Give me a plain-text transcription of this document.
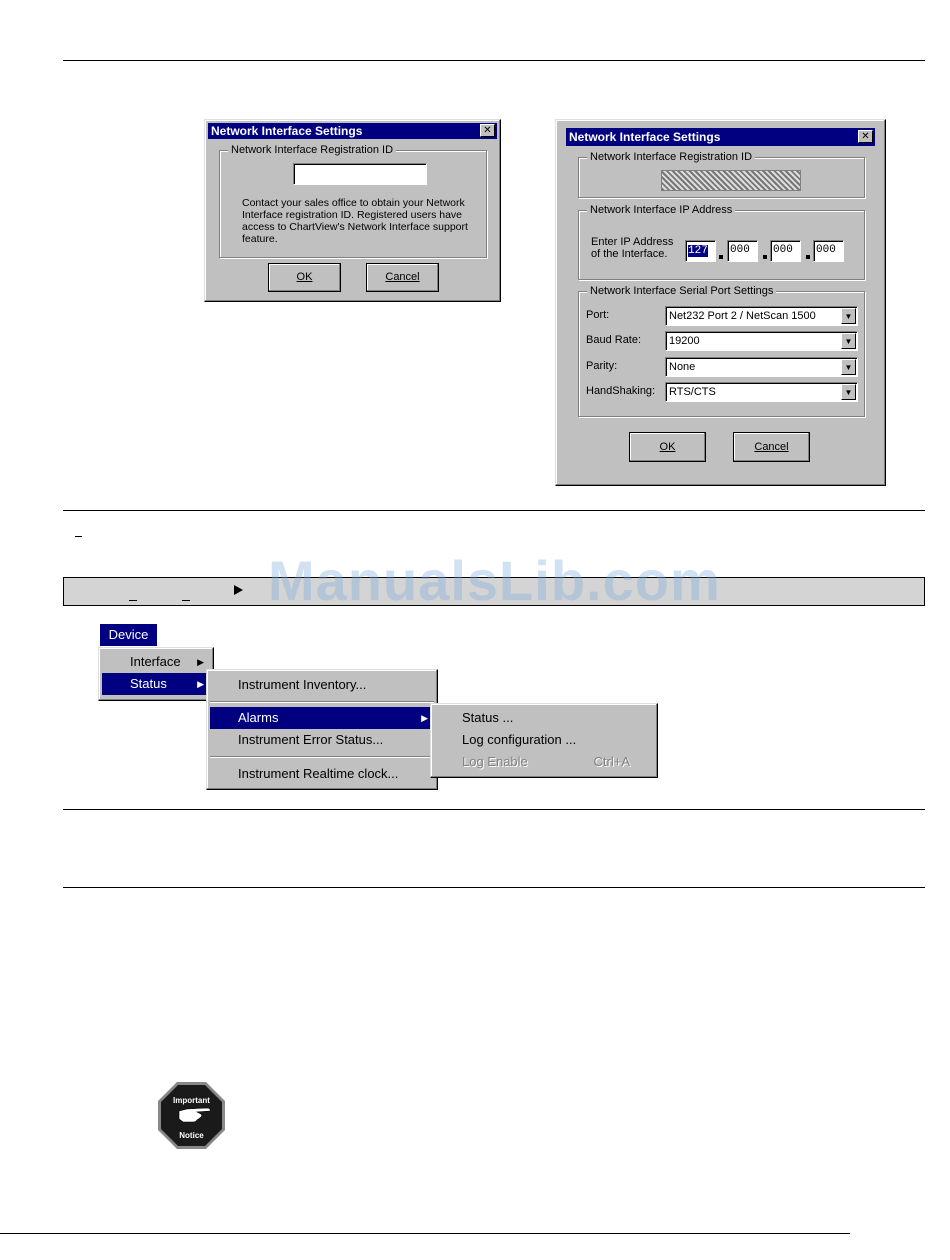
Network Interface Settings	✕
Network Interface Registration ID
Contact your sales office to obtain your Network Interface registration ID. Registered users have access to ChartView's Network Interface support feature.
OK	Cancel
Network Interface Settings	✕
Network Interface Registration ID
Network Interface IP Address
Enter IP Address
of the Interface. 127	000	000	000
Network Interface Serial Port Settings
Port:	Net232 Port 2 / NetScan 1500	▼
Baud Rate:	19200	▼
Parity:	None	▼
HandShaking:	RTS/CTS	▼
OK	Cancel
ManualsLib.com
Device
Interface ▶
Status	▶	Instrument Inventory...
Alarms	▶
Instrument Error Status...
Instrument Realtime clock...
Status ...
Log configuration ...
Log Enable	Ctrl+A
Important
Notice
